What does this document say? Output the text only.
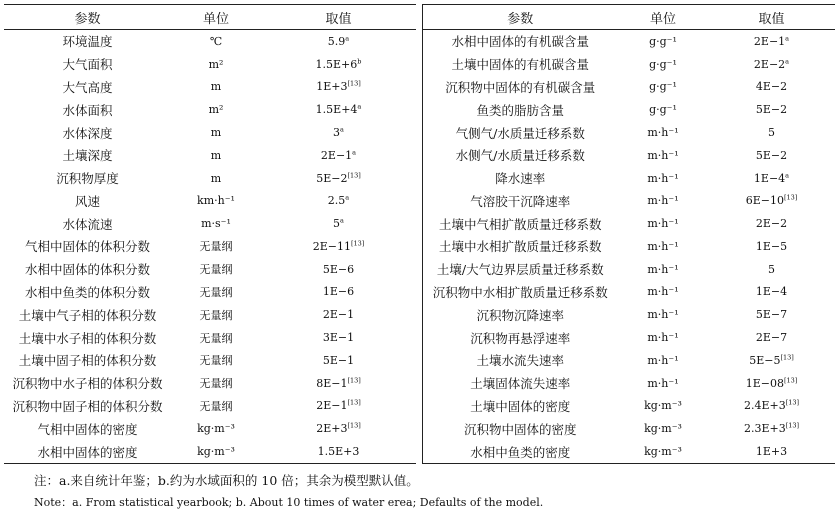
参数	单位	取值
环境温度	℃	5.9$^a$
大气面积	m²	$1.5E+6^b$
大气高度	m	1E+3[13]
水体面积	m²	$1.5E+4^a$
水体深度	m	3$^a$
土壤深度	m	$2E-1^a$
沉积物厚度	m	5E−2[13]
风速	km·h⁻¹	2.5$^a$
水体流速	m·s⁻¹	5$^a$
气相中固体的体积分数	无量纲	2E−11[13]
水相中固体的体积分数	无量纲	5E−6
水相中鱼类的体积分数	无量纲	1E−6
土壤中气子相的体积分数	无量纲	2E−1
土壤中水子相的体积分数	无量纲	3E−1
土壤中固子相的体积分数	无量纲	5E−1
沉积物中水子相的体积分数	无量纲	8E−1[13]
沉积物中固子相的体积分数	无量纲	2E−1[13]
气相中固体的密度	kg·m⁻³	2E+3[13]
水相中固体的密度	kg·m⁻³	1.5E+3
参数	单位	取值
水相中固体的有机碳含量	g·g⁻¹	$2E-1^a$
土壤中固体的有机碳含量	g·g⁻¹	$2E-2^a$
沉积物中固体的有机碳含量	g·g⁻¹	4E−2
鱼类的脂肪含量	g·g⁻¹	5E−2
气侧气/水质量迁移系数	m·h⁻¹	5
水侧气/水质量迁移系数	m·h⁻¹	5E−2
降水速率	m·h⁻¹	$1E-4^a$
气溶胶干沉降速率	m·h⁻¹	6E−10[13]
土壤中气相扩散质量迁移系数	m·h⁻¹	2E−2
土壤中水相扩散质量迁移系数	m·h⁻¹	1E−5
土壤/大气边界层质量迁移系数	m·h⁻¹	5
沉积物中水相扩散质量迁移系数	m·h⁻¹	1E−4
沉积物沉降速率	m·h⁻¹	5E−7
沉积物再悬浮速率	m·h⁻¹	2E−7
土壤水流失速率	m·h⁻¹	5E−5[13]
土壤固体流失速率	m·h⁻¹	1E−08[13]
土壤中固体的密度	kg·m⁻³	2.4E+3[13]
沉积物中固体的密度	kg·m⁻³	2.3E+3[13]
水相中鱼类的密度	kg·m⁻³	1E+3
注：a.来自统计年鉴；b.约为水域面积的 10 倍；其余为模型默认值。
Note：a. From statistical yearbook; b. About 10 times of water erea; Defaults of the model.
